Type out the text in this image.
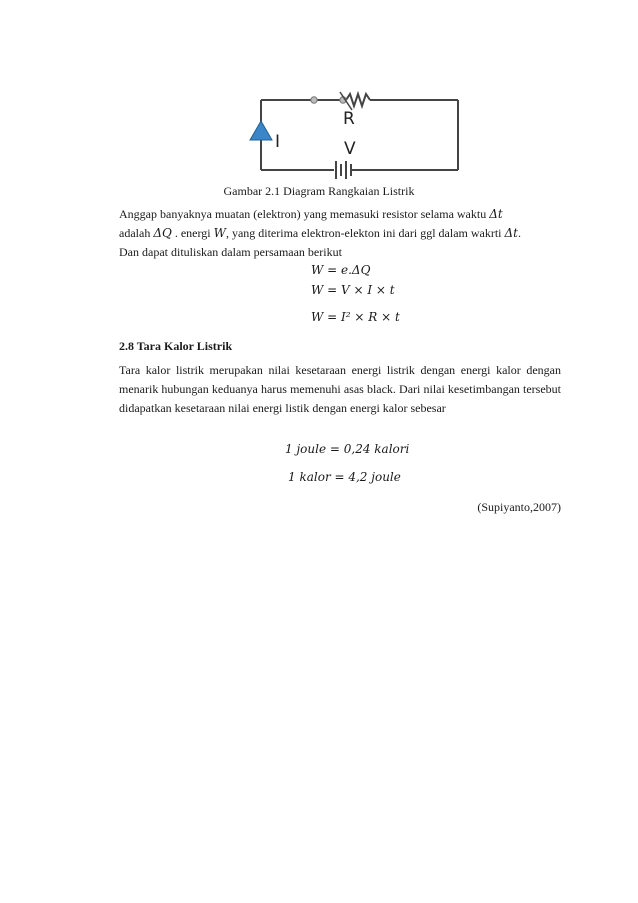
I
R
V
Gambar 2.1 Diagram Rangkaian Listrik

Anggap banyaknya muatan (elektron) yang memasuki resistor selama waktu Δt

adalah ΔQ . energi W, yang diterima elektron-elekton ini dari ggl dalam wakrti Δt.

Dan dapat dituliskan dalam persamaan berikut

W = e.ΔQ
W = V × I × t
W = I² × R × t
2.8 Tara Kalor Listrik

Tara kalor listrik merupakan nilai kesetaraan energi listrik dengan energi kalor dengan menarik hubungan keduanya harus memenuhi asas black. Dari nilai kesetimbangan tersebut didapatkan kesetaraan nilai energi listik dengan energi kalor sebesar

1 joule = 0,24 kalori
1 kalor = 4,2 joule
(Supiyanto,2007)
